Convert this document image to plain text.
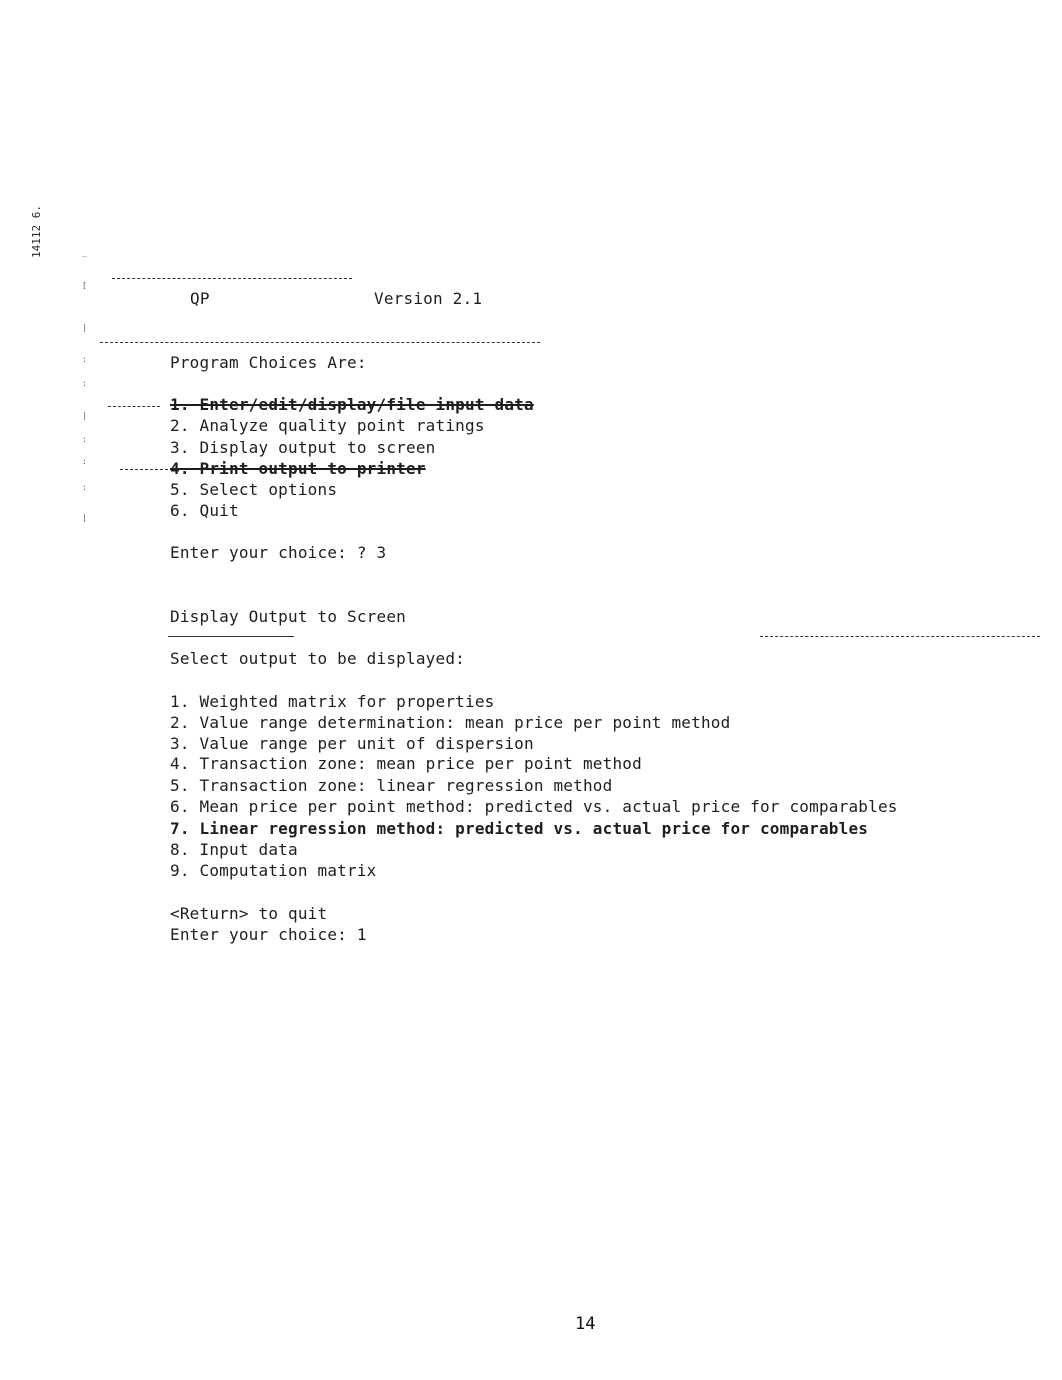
14112 6.
‾
[
|
:
:
|
:
:
:
|
QP	Version 2.1
Program Choices Are:
1. Enter/edit/display/file input data
2. Analyze quality point ratings
3. Display output to screen
4. Print output to printer
5. Select options
6. Quit
Enter your choice: ? 3
Display Output to Screen
Select output to be displayed:
1. Weighted matrix for properties
2. Value range determination: mean price per point method
3. Value range per unit of dispersion
4. Transaction zone: mean price per point method
5. Transaction zone: linear regression method
6. Mean price per point method: predicted vs. actual price for comparables
7. Linear regression method: predicted vs. actual price for comparables
8. Input data
9. Computation matrix
<Return> to quit
Enter your choice: 1
14
